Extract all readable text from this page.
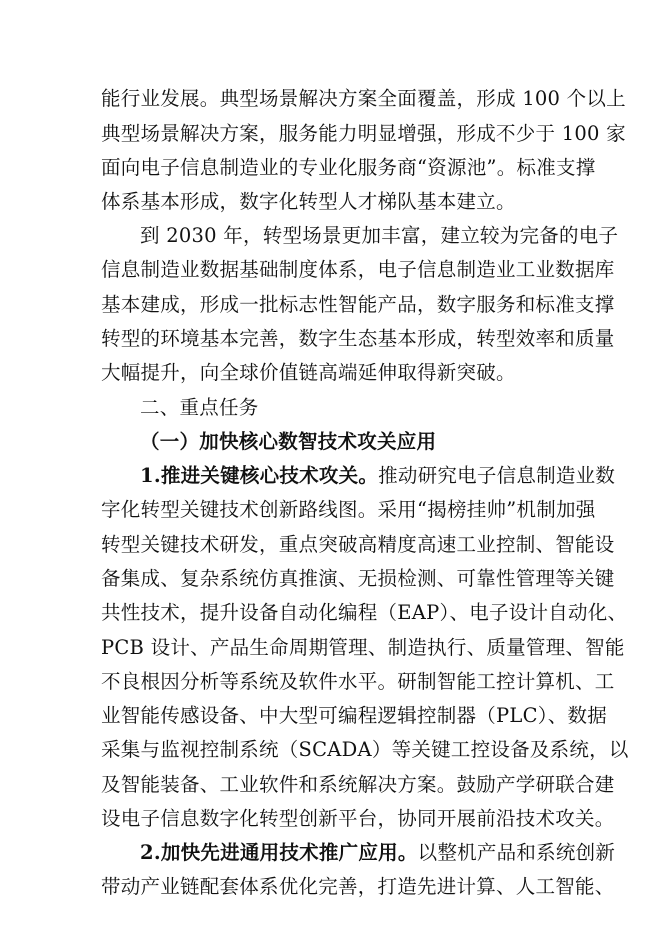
能行业发展。典型场景解决方案全面覆盖，形成 100 个以上
典型场景解决方案，服务能力明显增强，形成不少于 100 家
面向电子信息制造业的专业化服务商“资源池”。标准支撑
体系基本形成，数字化转型人才梯队基本建立。
到 2030 年，转型场景更加丰富，建立较为完备的电子
信息制造业数据基础制度体系，电子信息制造业工业数据库
基本建成，形成一批标志性智能产品，数字服务和标准支撑
转型的环境基本完善，数字生态基本形成，转型效率和质量
大幅提升，向全球价值链高端延伸取得新突破。
二、重点任务
（一）加快核心数智技术攻关应用
1.推进关键核心技术攻关。推动研究电子信息制造业数
字化转型关键技术创新路线图。采用“揭榜挂帅”机制加强
转型关键技术研发，重点突破高精度高速工业控制、智能设
备集成、复杂系统仿真推演、无损检测、可靠性管理等关键
共性技术，提升设备自动化编程（EAP）、电子设计自动化、
PCB 设计、产品生命周期管理、制造执行、质量管理、智能
不良根因分析等系统及软件水平。研制智能工控计算机、工
业智能传感设备、中大型可编程逻辑控制器（PLC）、数据
采集与监视控制系统（SCADA）等关键工控设备及系统，以
及智能装备、工业软件和系统解决方案。鼓励产学研联合建
设电子信息数字化转型创新平台，协同开展前沿技术攻关。
2.加快先进通用技术推广应用。以整机产品和系统创新
带动产业链配套体系优化完善，打造先进计算、人工智能、
